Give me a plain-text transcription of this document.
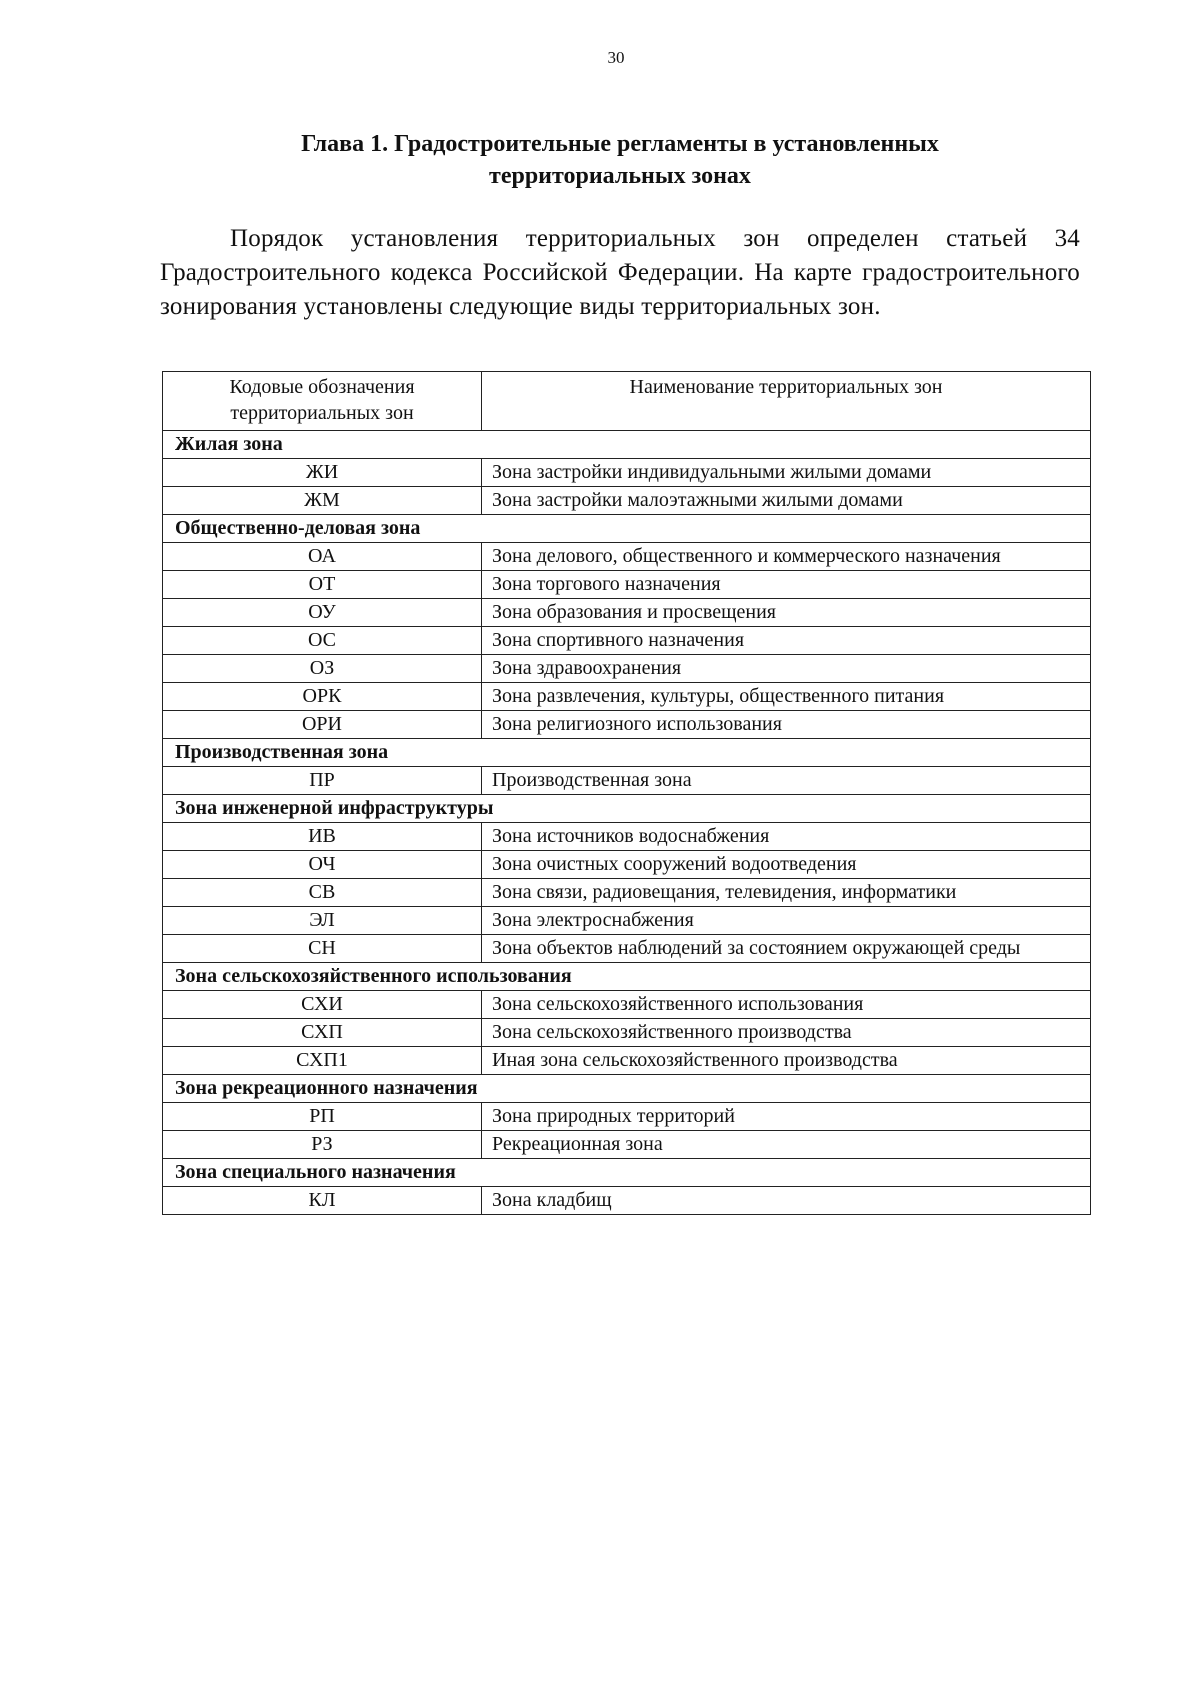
30
Глава 1. Градостроительные регламенты в установленных территориальных зонах

Порядок установления территориальных зон определен статьей 34 Градостроительного кодекса Российской Федерации. На карте градостроительного зонирования установлены следующие виды территориальных зон.

Кодовые обозначения территориальных зон	Наименование территориальных зон
Жилая зона	
ЖИ	Зона застройки индивидуальными жилыми домами
ЖМ	Зона застройки малоэтажными жилыми домами
Общественно-деловая зона	
ОА	Зона делового, общественного и коммерческого назначения
ОТ	Зона торгового назначения
ОУ	Зона образования и просвещения
ОС	Зона спортивного назначения
ОЗ	Зона здравоохранения
ОРК	Зона развлечения, культуры, общественного питания
ОРИ	Зона религиозного использования
Производственная зона	
ПР	Производственная зона
Зона инженерной инфраструктуры	
ИВ	Зона источников водоснабжения
ОЧ	Зона очистных сооружений водоотведения
СВ	Зона связи, радиовещания, телевидения, информатики
ЭЛ	Зона электроснабжения
СН	Зона объектов наблюдений за состоянием окружающей среды
Зона сельскохозяйственного использования	
СХИ	Зона сельскохозяйственного использования
СХП	Зона сельскохозяйственного производства
СХП1	Иная зона сельскохозяйственного производства
Зона рекреационного назначения	
РП	Зона природных территорий
РЗ	Рекреационная зона
Зона специального назначения	
КЛ	Зона кладбищ
